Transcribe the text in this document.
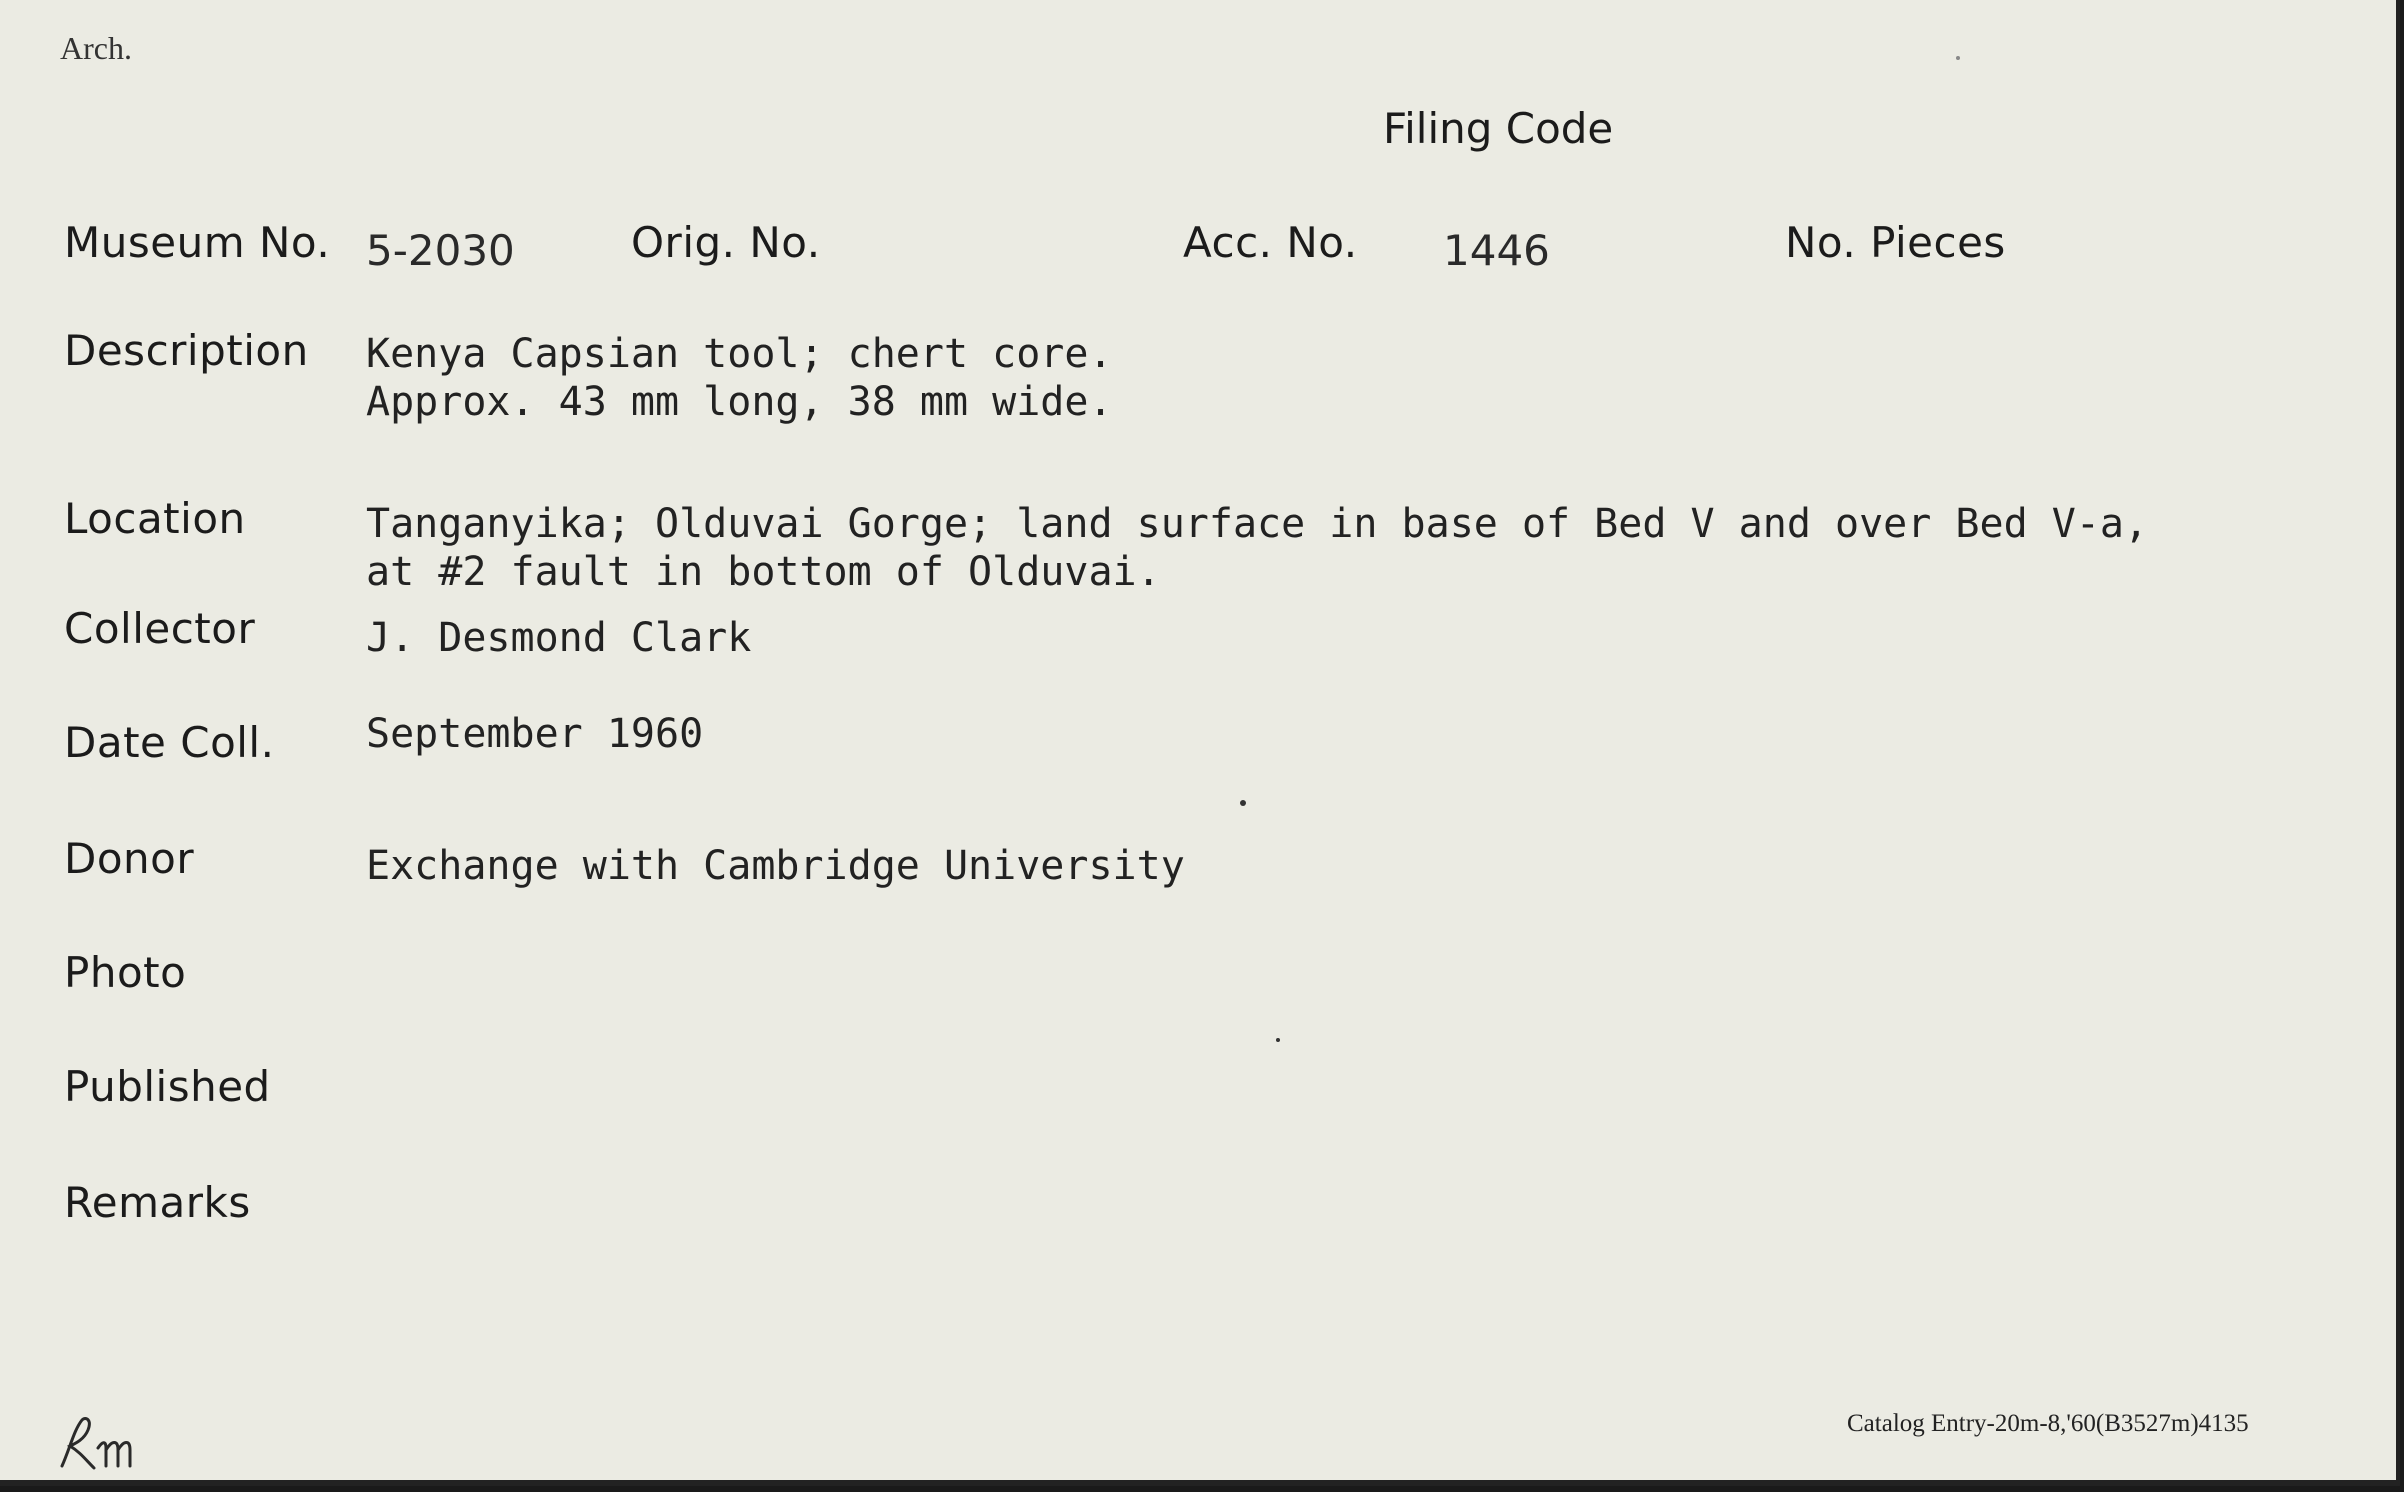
Arch.
Filing Code
Museum No. 5-2030	Orig. No.	Acc. No. 1446	No. Pieces
Description Kenya Capsian tool; chert core.
Approx. 43 mm long, 38 mm wide.
Location	Tanganyika; Olduvai Gorge; land surface in base of Bed V and over Bed V-a,
at #2 fault in bottom of Olduvai.
Collector	J. Desmond Clark
Date Coll. September 1960
Donor	Exchange with Cambridge University
Photo
Published
Remarks
Catalog Entry-20m-8,'60(B3527m)4135
